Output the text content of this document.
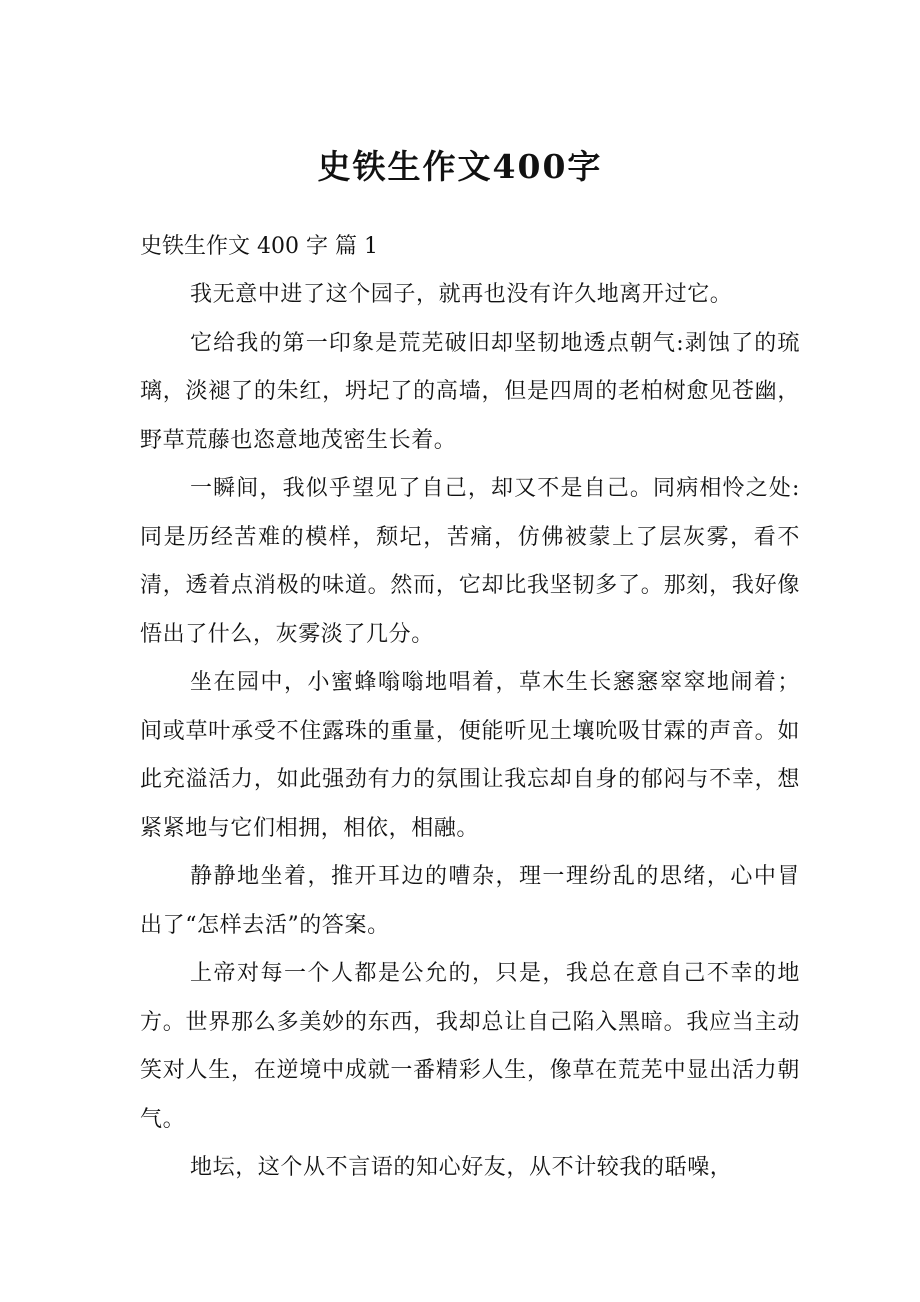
史铁生作文400字
史铁生作文 400 字 篇 1

我无意中进了这个园子，就再也没有许久地离开过它。

它给我的第一印象是荒芜破旧却坚韧地透点朝气:剥蚀了的琉璃，淡褪了的朱红，坍圮了的高墙，但是四周的老柏树愈见苍幽，野草荒藤也恣意地茂密生长着。

一瞬间，我似乎望见了自己，却又不是自己。同病相怜之处:同是历经苦难的模样，颓圮，苦痛，仿佛被蒙上了层灰雾，看不清，透着点消极的味道。然而，它却比我坚韧多了。那刻，我好像悟出了什么，灰雾淡了几分。

坐在园中，小蜜蜂嗡嗡地唱着，草木生长窸窸窣窣地闹着；间或草叶承受不住露珠的重量，便能听见土壤吮吸甘霖的声音。如此充溢活力，如此强劲有力的氛围让我忘却自身的郁闷与不幸，想紧紧地与它们相拥，相依，相融。

静静地坐着，推开耳边的嘈杂，理一理纷乱的思绪，心中冒出了“怎样去活”的答案。

上帝对每一个人都是公允的，只是，我总在意自己不幸的地方。世界那么多美妙的东西，我却总让自己陷入黑暗。我应当主动笑对人生，在逆境中成就一番精彩人生，像草在荒芜中显出活力朝气。

地坛，这个从不言语的知心好友，从不计较我的聒噪，
